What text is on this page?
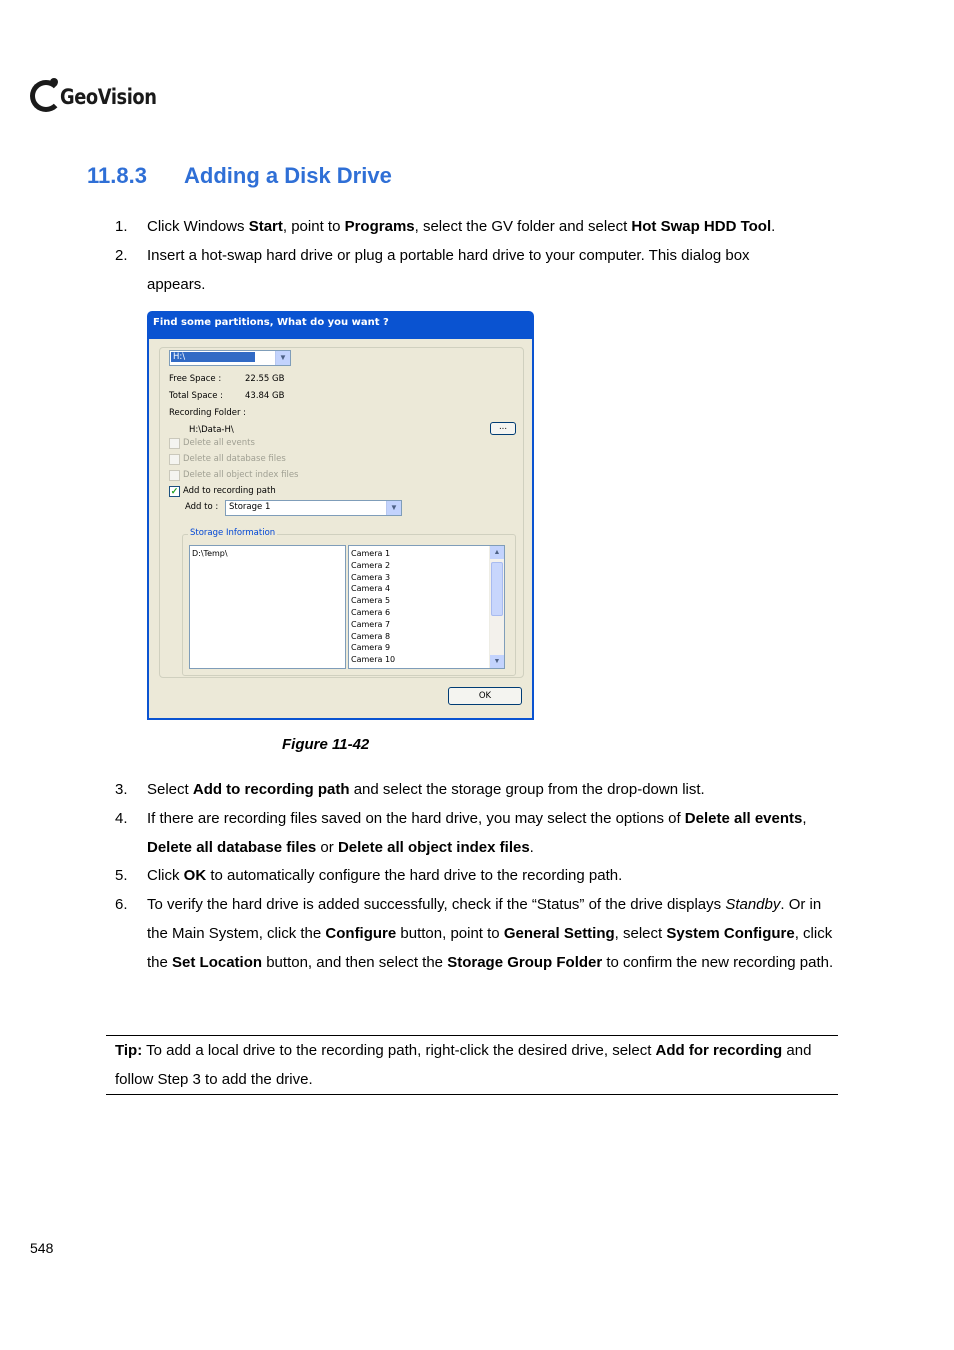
GeoVision
11.8.3 Adding a Disk Drive
1. Click Windows Start, point to Programs, select the GV folder and select Hot Swap HDD Tool.
2. Insert a hot-swap hard drive or plug a portable hard drive to your computer. This dialog box appears.
Find some partitions, What do you want ?
H:\	▼
Free Space :	22.55 GB
Total Space :	43.84 GB
Recording Folder :
H:\Data-H\	...
Delete all events
Delete all database files
Delete all object index files
✓ Add to recording path
Add to : Storage 1	▼
Storage Information
D:\Temp\	Camera 1
Camera 2
Camera 3
Camera 4
Camera 5
Camera 6
Camera 7
Camera 8
Camera 9
Camera 10
▲
▼
OK
Figure 11-42
3. Select Add to recording path and select the storage group from the drop-down list.
4. If there are recording files saved on the hard drive, you may select the options of Delete all events, Delete all database files or Delete all object index files.
5. Click OK to automatically configure the hard drive to the recording path.
6. To verify the hard drive is added successfully, check if the “Status” of the drive displays Standby. Or in the Main System, click the Configure button, point to General Setting, select System Configure, click the Set Location button, and then select the Storage Group Folder to confirm the new recording path.
Tip: To add a local drive to the recording path, right-click the desired drive, select Add for recording and follow Step 3 to add the drive.
548
